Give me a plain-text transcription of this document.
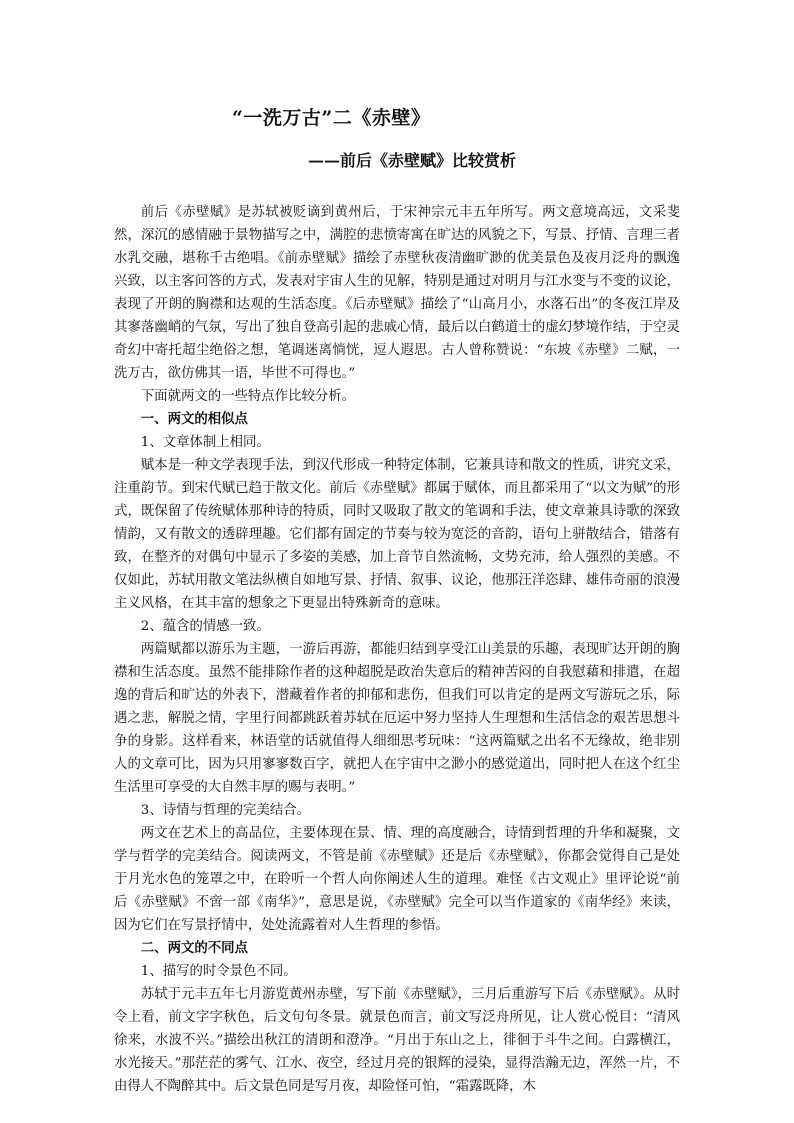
“一洗万古”二《赤壁》
——前后《赤壁赋》比较赏析

前后《赤壁赋》是苏轼被贬谪到黄州后，于宋神宗元丰五年所写。两文意境高远，文采斐然，深沉的感情融于景物描写之中，满腔的悲愤寄寓在旷达的风貌之下，写景、抒情、言理三者水乳交融，堪称千古绝唱。《前赤壁赋》描绘了赤壁秋夜清幽旷渺的优美景色及夜月泛舟的飘逸兴致，以主客问答的方式，发表对宇宙人生的见解，特别是通过对明月与江水变与不变的议论，表现了开朗的胸襟和达观的生活态度。《后赤壁赋》描绘了“山高月小，水落石出”的冬夜江岸及其寥落幽峭的气氛，写出了独自登高引起的悲戚心情，最后以白鹤道士的虚幻梦境作结，于空灵奇幻中寄托超尘绝俗之想，笔调迷离惝恍，逗人遐思。古人曾称赞说：“东坡《赤壁》二赋，一洗万古，欲仿佛其一语，毕世不可得也。”

下面就两文的一些特点作比较分析。

一、两文的相似点

1、文章体制上相同。

赋本是一种文学表现手法，到汉代形成一种特定体制，它兼具诗和散文的性质，讲究文采，注重韵节。到宋代赋已趋于散文化。前后《赤壁赋》都属于赋体，而且都采用了“以文为赋”的形式，既保留了传统赋体那种诗的特质，同时又吸取了散文的笔调和手法，使文章兼具诗歌的深致情韵，又有散文的透辟理趣。它们都有固定的节奏与较为宽泛的音韵，语句上骈散结合，错落有致，在整齐的对偶句中显示了多姿的美感，加上音节自然流畅，文势充沛，给人强烈的美感。不仅如此，苏轼用散文笔法纵横自如地写景、抒情、叙事、议论，他那汪洋恣肆、雄伟奇丽的浪漫主义风格，在其丰富的想象之下更显出特殊新奇的意味。

2、蕴含的情感一致。

两篇赋都以游乐为主题，一游后再游，都能归结到享受江山美景的乐趣，表现旷达开朗的胸襟和生活态度。虽然不能排除作者的这种超脱是政治失意后的精神苦闷的自我慰藉和排遣，在超逸的背后和旷达的外表下，潜藏着作者的抑郁和悲伤，但我们可以肯定的是两文写游玩之乐，际遇之悲，解脱之情，字里行间都跳跃着苏轼在厄运中努力坚持人生理想和生活信念的艰苦思想斗争的身影。这样看来，林语堂的话就值得人细细思考玩味：“这两篇赋之出名不无缘故，绝非别人的文章可比，因为只用寥寥数百字，就把人在宇宙中之渺小的感觉道出，同时把人在这个红尘生活里可享受的大自然丰厚的赐与表明。”

3、诗情与哲理的完美结合。

两文在艺术上的高品位，主要体现在景、情、理的高度融合，诗情到哲理的升华和凝聚，文学与哲学的完美结合。阅读两文，不管是前《赤壁赋》还是后《赤壁赋》，你都会觉得自己是处于月光水色的笼罩之中，在聆听一个哲人向你阐述人生的道理。难怪《古文观止》里评论说“前后《赤壁赋》不啻一部《南华》”，意思是说，《赤壁赋》完全可以当作道家的《南华经》来读，因为它们在写景抒情中，处处流露着对人生哲理的参悟。

二、两文的不同点

1、描写的时令景色不同。

苏轼于元丰五年七月游览黄州赤壁，写下前《赤壁赋》，三月后重游写下后《赤壁赋》。从时令上看，前文字字秋色，后文句句冬景。就景色而言，前文写泛舟所见，让人赏心悦目：“清风徐来，水波不兴。”描绘出秋江的清朗和澄净。“月出于东山之上，徘徊于斗牛之间。白露横江，水光接天。”那茫茫的雾气、江水、夜空，经过月亮的银辉的浸染，显得浩瀚无边，浑然一片，不由得人不陶醉其中。后文景色同是写月夜，却险怪可怕，“霜露既降，木
